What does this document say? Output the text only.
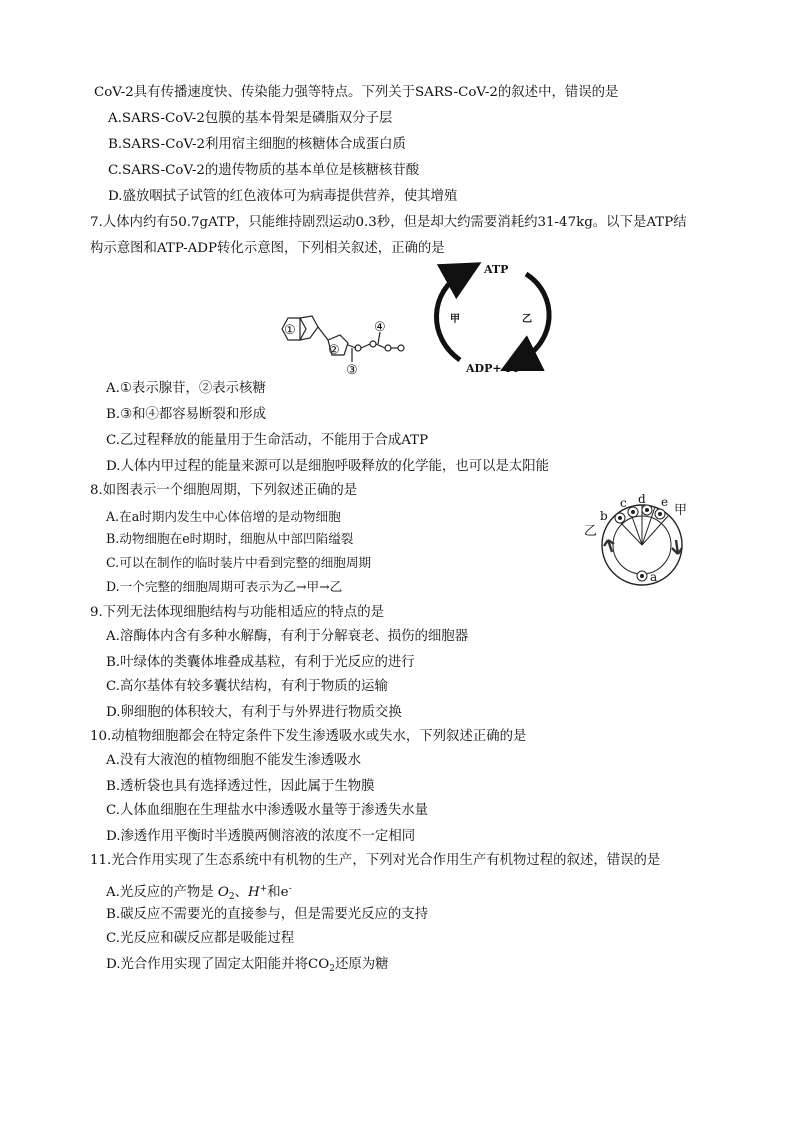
CoV-2具有传播速度快、传染能力强等特点。下列关于SARS-CoV-2的叙述中，错误的是
A.SARS-CoV-2包膜的基本骨架是磷脂双分子层
B.SARS-CoV-2利用宿主细胞的核糖体合成蛋白质
C.SARS-CoV-2的遗传物质的基本单位是核糖核苷酸
D.盛放咽拭子试管的红色液体可为病毒提供营养，使其增殖
7.人体内约有50.7gATP，只能维持剧烈运动0.3秒，但是却大约需要消耗约31-47kg。以下是ATP结
构示意图和ATP-ADP转化示意图，下列相关叙述，正确的是
①
②
③
④
ATP
ADP+ Pi
甲	乙
A.①表示腺苷，②表示核糖
B.③和④都容易断裂和形成
C.乙过程释放的能量用于生命活动，不能用于合成ATP
D.人体内甲过程的能量来源可以是细胞呼吸释放的化学能，也可以是太阳能
8.如图表示一个细胞周期，下列叙述正确的是
A.在a时期内发生中心体倍增的是动物细胞
B.动物细胞在e时期时，细胞从中部凹陷缢裂
C.可以在制作的临时装片中看到完整的细胞周期
D.一个完整的细胞周期可表示为乙→甲→乙
乙
甲
b
c d e
a
9.下列无法体现细胞结构与功能相适应的特点的是
A.溶酶体内含有多种水解酶，有利于分解衰老、损伤的细胞器
B.叶绿体的类囊体堆叠成基粒，有利于光反应的进行
C.高尔基体有较多囊状结构，有利于物质的运输
D.卵细胞的体积较大，有利于与外界进行物质交换
10.动植物细胞都会在特定条件下发生渗透吸水或失水，下列叙述正确的是
A.没有大液泡的植物细胞不能发生渗透吸水
B.透析袋也具有选择透过性，因此属于生物膜
C.人体血细胞在生理盐水中渗透吸水量等于渗透失水量
D.渗透作用平衡时半透膜两侧溶液的浓度不一定相同
11.光合作用实现了生态系统中有机物的生产，下列对光合作用生产有机物过程的叙述，错误的是
A.光反应的产物是 $O_2$、H+和e-
B.碳反应不需要光的直接参与，但是需要光反应的支持
C.光反应和碳反应都是吸能过程
D.光合作用实现了固定太阳能并将$CO_2$还原为糖
